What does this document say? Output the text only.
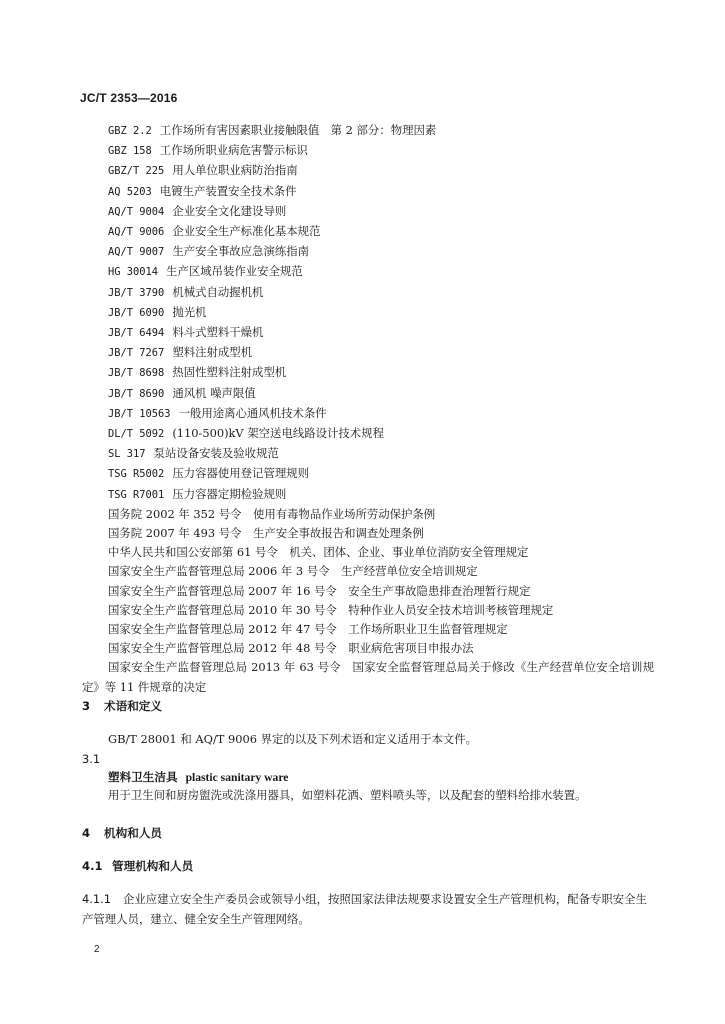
JC/T 2353—2016
GBZ 2.2 工作场所有害因素职业接触限值　第 2 部分：物理因素
GBZ 158 工作场所职业病危害警示标识
GBZ/T 225 用人单位职业病防治指南
AQ 5203 电镀生产装置安全技术条件
AQ/T 9004 企业安全文化建设导则
AQ/T 9006 企业安全生产标准化基本规范
AQ/T 9007 生产安全事故应急演练指南
HG 30014 生产区域吊装作业安全规范
JB/T 3790 机械式自动握机机
JB/T 6090 抛光机
JB/T 6494 料斗式塑料干燥机
JB/T 7267 塑料注射成型机
JB/T 8698 热固性塑料注射成型机
JB/T 8690 通风机 噪声限值
JB/T 10563 一般用途离心通风机技术条件
DL/T 5092 (110-500)kV 架空送电线路设计技术规程
SL 317 泵站设备安装及验收规范
TSG R5002 压力容器使用登记管理规则
TSG R7001 压力容器定期检验规则
国务院 2002 年 352 号令　使用有毒物品作业场所劳动保护条例
国务院 2007 年 493 号令　生产安全事故报告和调查处理条例
中华人民共和国公安部第 61 号令　机关、团体、企业、事业单位消防安全管理规定
国家安全生产监督管理总局 2006 年 3 号令　生产经营单位安全培训规定
国家安全生产监督管理总局 2007 年 16 号令　安全生产事故隐患排查治理暂行规定
国家安全生产监督管理总局 2010 年 30 号令　特种作业人员安全技术培训考核管理规定
国家安全生产监督管理总局 2012 年 47 号令　工作场所职业卫生监督管理规定
国家安全生产监督管理总局 2012 年 48 号令　职业病危害项目申报办法
国家安全生产监督管理总局 2013 年 63 号令　国家安全监督管理总局关于修改《生产经营单位安全培训规定》等 11 件规章的决定
3 术语和定义
GB/T 28001 和 AQ/T 9006 界定的以及下列术语和定义适用于本文件。
3.1
塑料卫生洁具 plastic sanitary ware
用于卫生间和厨房盥洗或洗涤用器具，如塑料花洒、塑料喷头等，以及配套的塑料给排水装置。
4 机构和人员
4.1 管理机构和人员
4.1.1 企业应建立安全生产委员会或领导小组，按照国家法律法规要求设置安全生产管理机构，配备专职安全生产管理人员，建立、健全安全生产管理网络。
2
